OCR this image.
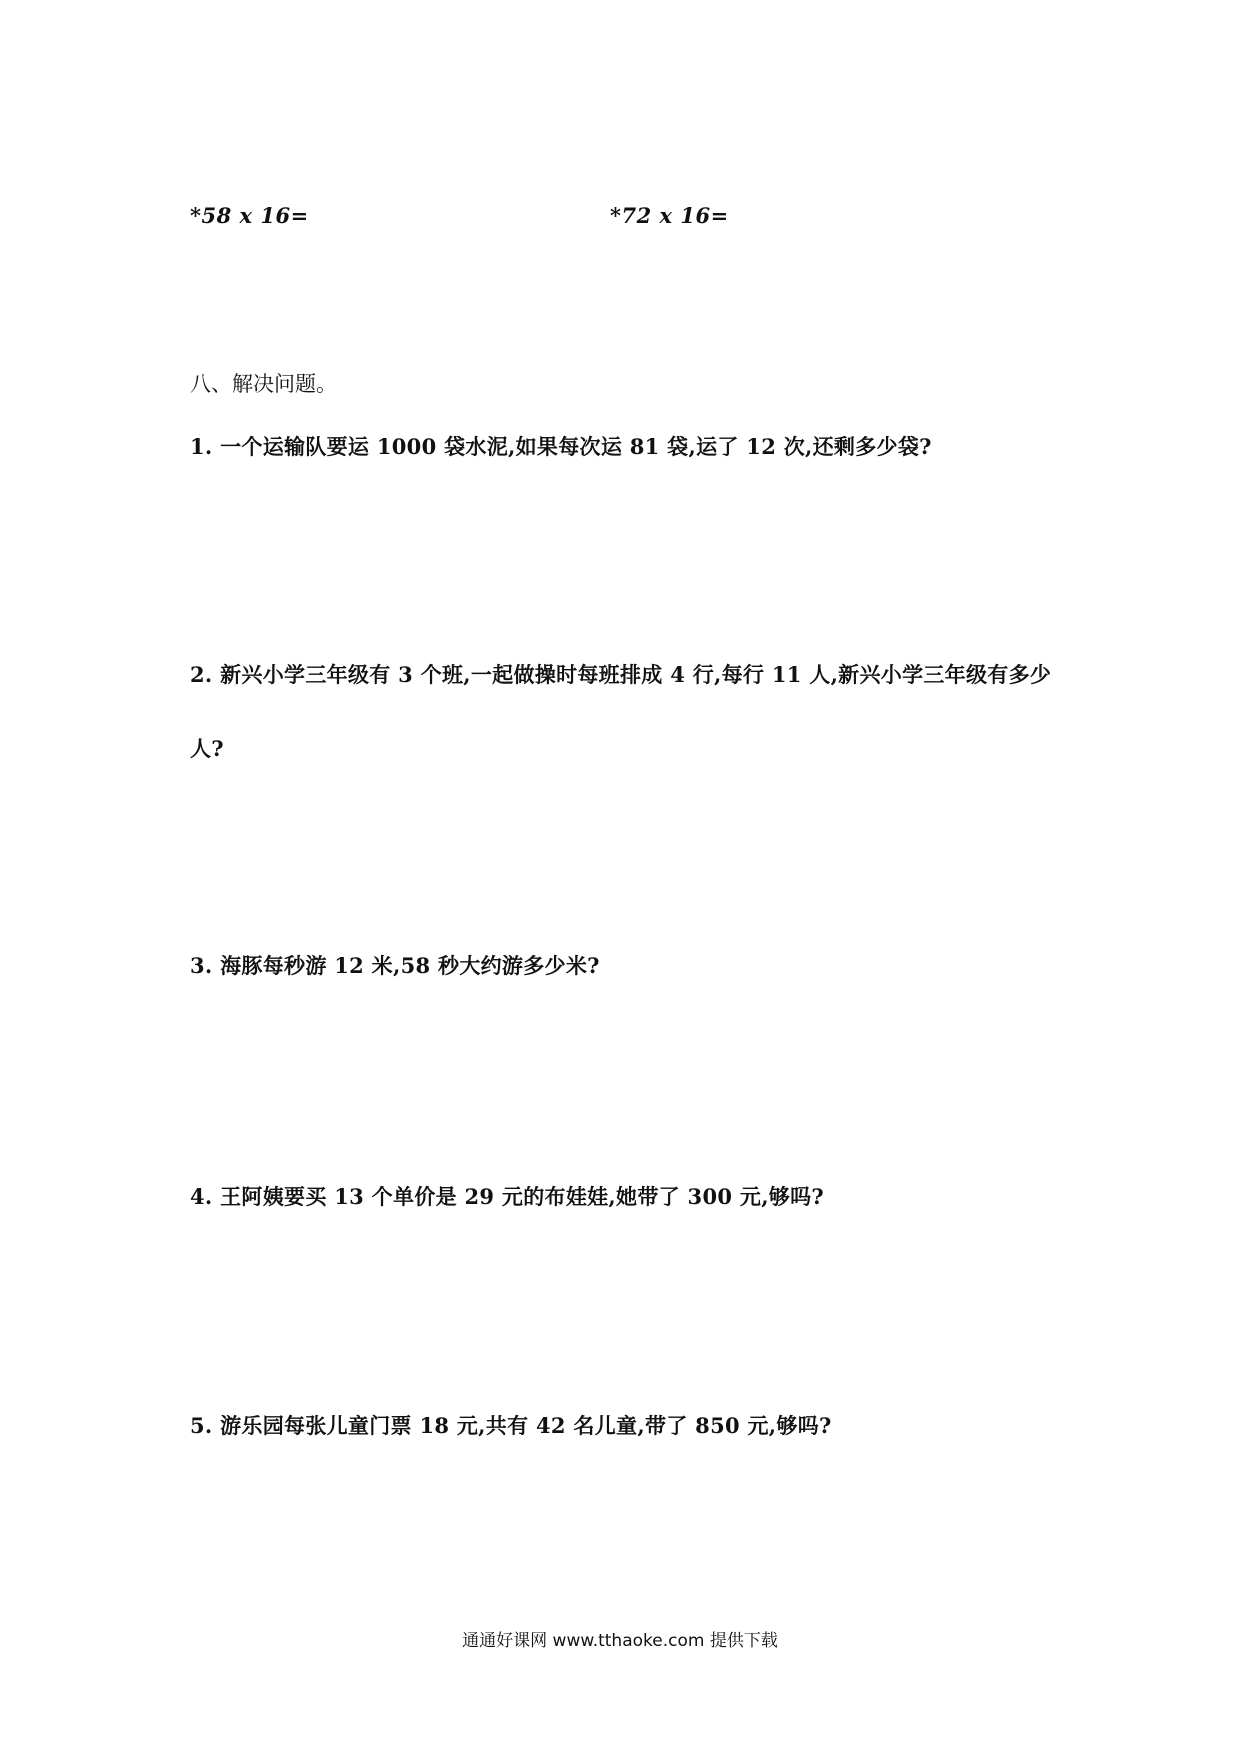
*58 x 16=	*72 x 16=
八、解决问题。
1. 一个运输队要运 1000 袋水泥,如果每次运 81 袋,运了 12 次,还剩多少袋?
2. 新兴小学三年级有 3 个班,一起做操时每班排成 4 行,每行 11 人,新兴小学三年级有多少
人?
3. 海豚每秒游 12 米,58 秒大约游多少米?
4. 王阿姨要买 13 个单价是 29 元的布娃娃,她带了 300 元,够吗?
5. 游乐园每张儿童门票 18 元,共有 42 名儿童,带了 850 元,够吗?
通通好课网 www.tthaoke.com 提供下载
